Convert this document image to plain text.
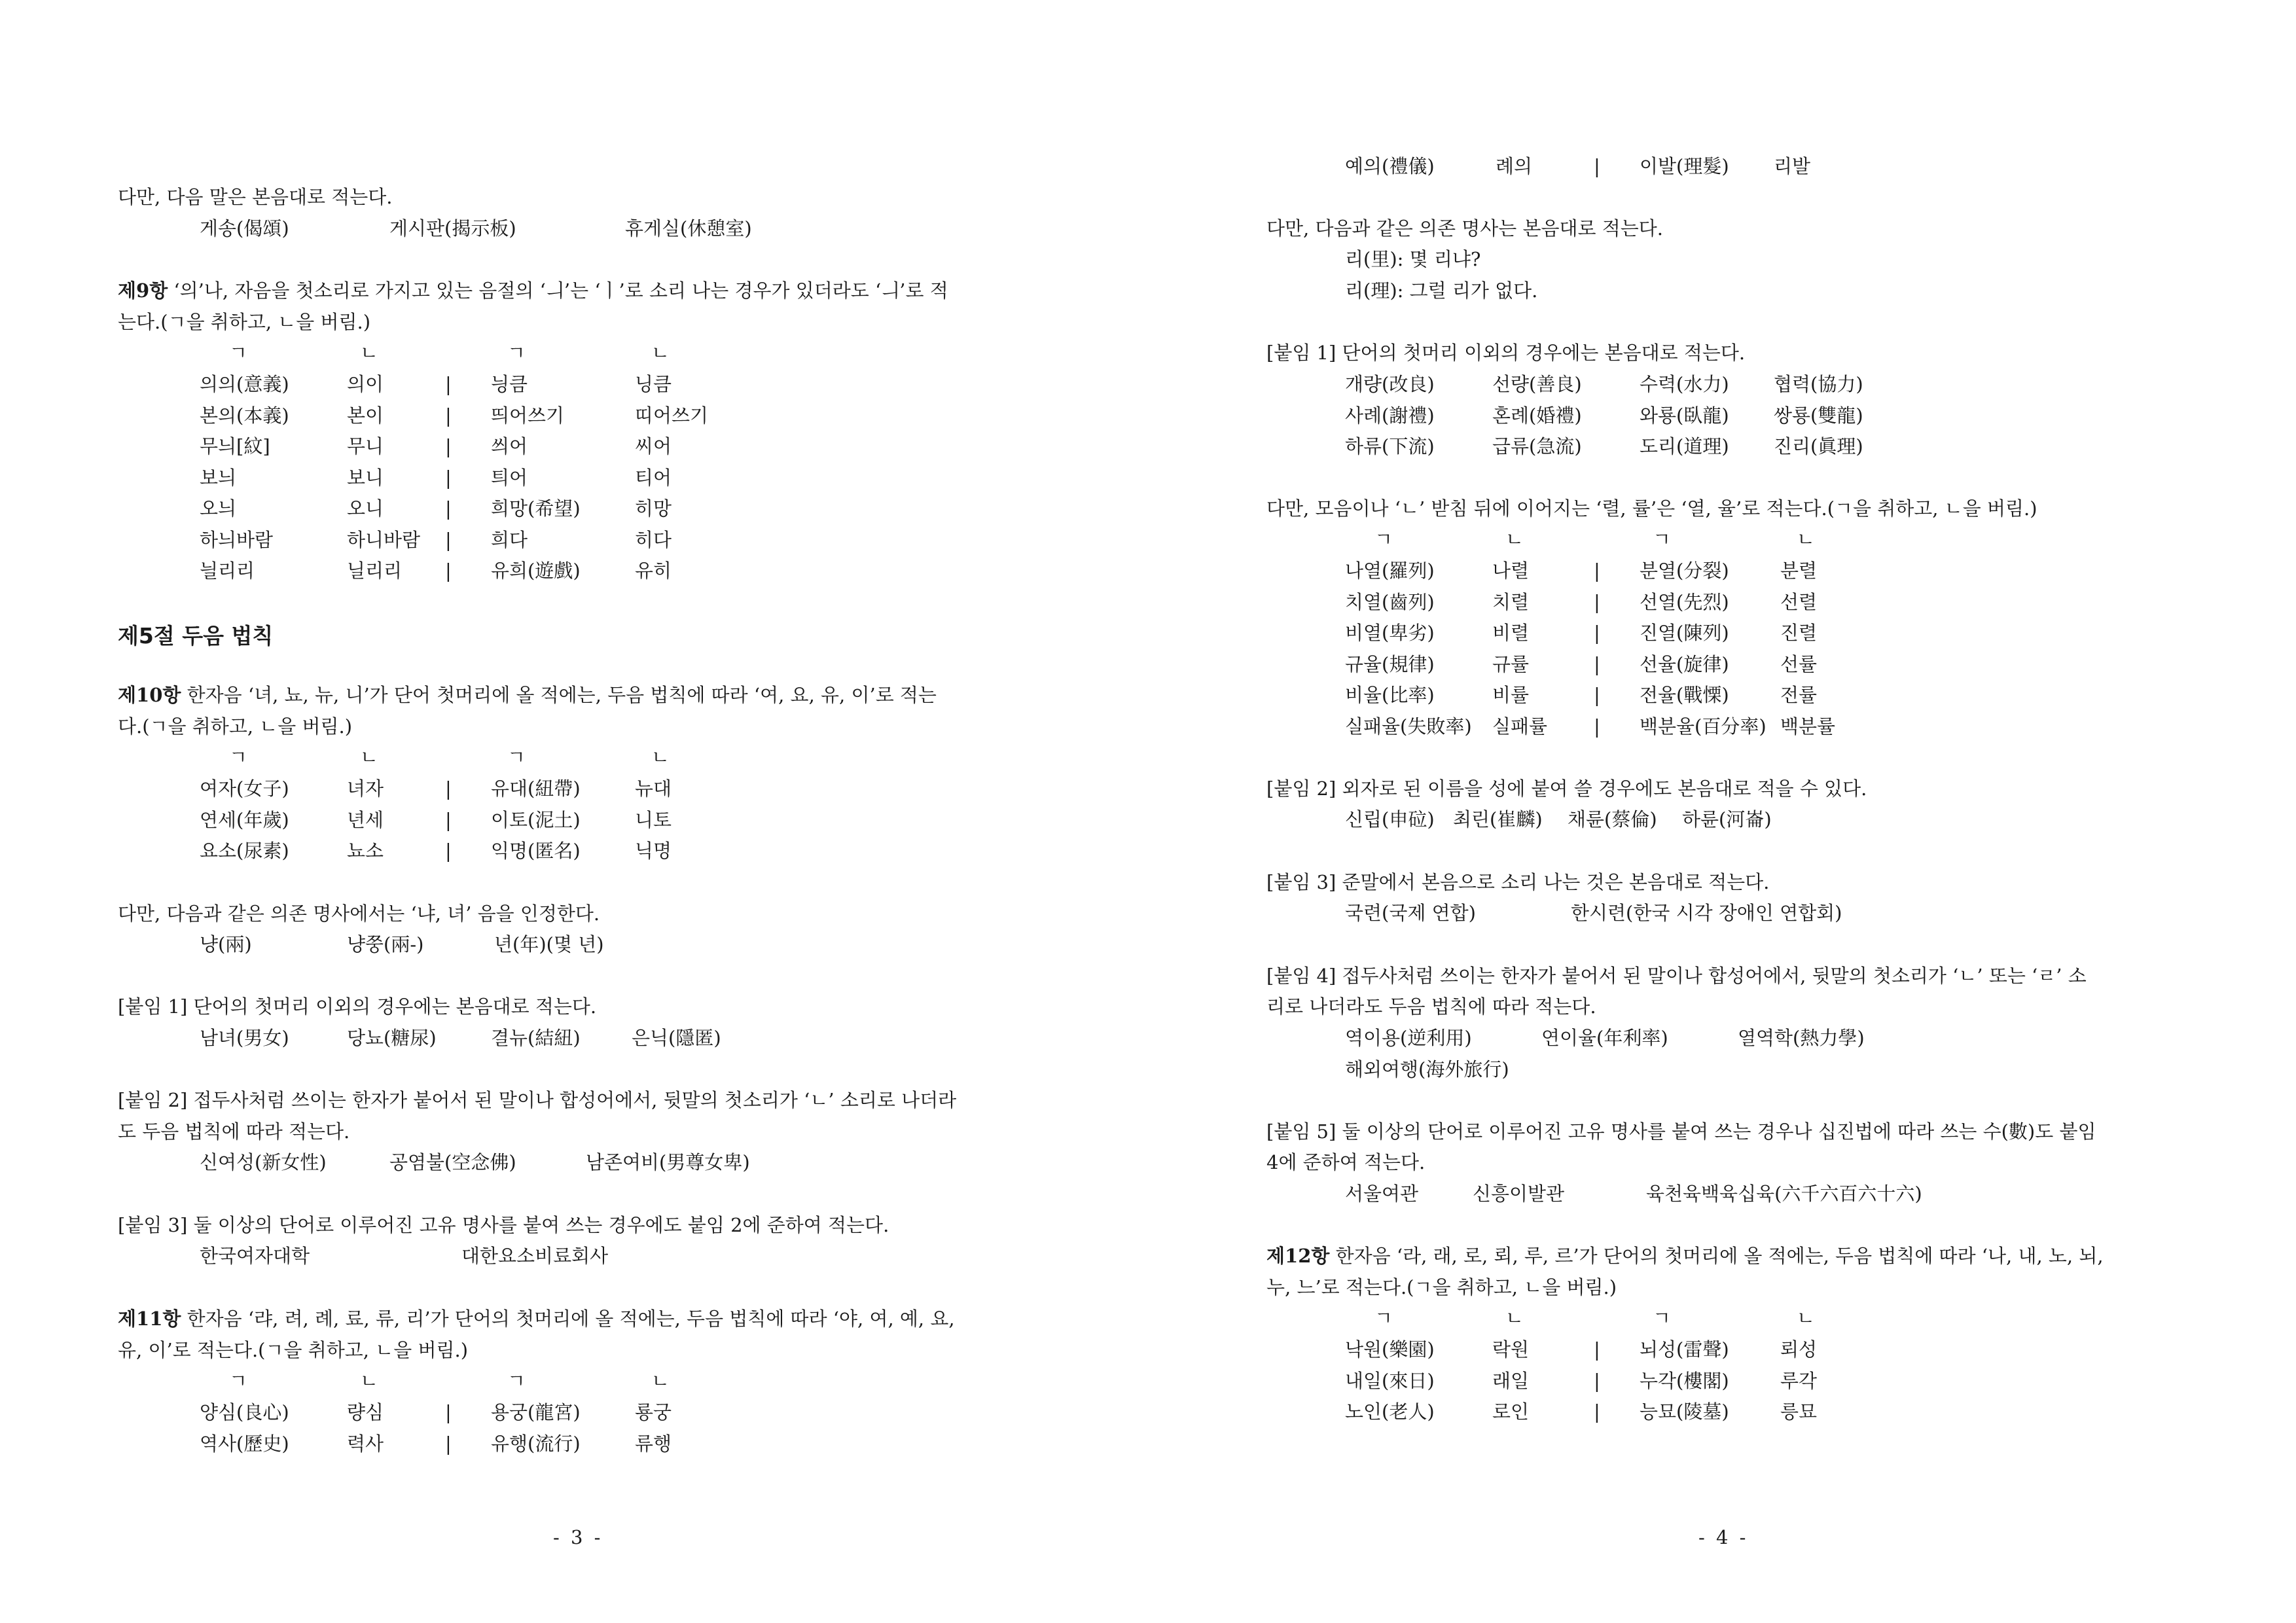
다만, 다음 말은 본음대로 적는다.
게송(偈頌)	게시판(揭示板)	휴게실(休憩室)
제9항 ‘의’나, 자음을 첫소리로 가지고 있는 음절의 ‘ㅢ’는 ‘ㅣ’로 소리 나는 경우가 있더라도 ‘ㅢ’로 적
는다.(ㄱ을 취하고, ㄴ을 버림.)
ㄱ	ㄴ	ㄱ	ㄴ
의의(意義)	의이	| 닁큼	닝큼
본의(本義)	본이	| 띄어쓰기	띠어쓰기
무늬[紋]	무니	| 씌어	씨어
보늬	보니	| 틔어	티어
오늬	오니	| 희망(希望)	히망
하늬바람	하니바람 | 희다	히다
늴리리	닐리리 | 유희(遊戲)	유히
제5절 두음 법칙
제10항 한자음 ‘녀, 뇨, 뉴, 니’가 단어 첫머리에 올 적에는, 두음 법칙에 따라 ‘여, 요, 유, 이’로 적는
다.(ㄱ을 취하고, ㄴ을 버림.)
ㄱ	ㄴ	ㄱ	ㄴ
여자(女子)	녀자	| 유대(紐帶)	뉴대
연세(年歲)	년세	| 이토(泥土)	니토
요소(尿素)	뇨소	| 익명(匿名)	닉명
다만, 다음과 같은 의존 명사에서는 ‘냐, 녀’ 음을 인정한다.
냥(兩)	냥쭝(兩-)	년(年)(몇 년)
[붙임 1] 단어의 첫머리 이외의 경우에는 본음대로 적는다.
남녀(男女)	당뇨(糖尿)	결뉴(結紐)	은닉(隱匿)
[붙임 2] 접두사처럼 쓰이는 한자가 붙어서 된 말이나 합성어에서, 뒷말의 첫소리가 ‘ㄴ’ 소리로 나더라
도 두음 법칙에 따라 적는다.
신여성(新女性)	공염불(空念佛)	남존여비(男尊女卑)
[붙임 3] 둘 이상의 단어로 이루어진 고유 명사를 붙여 쓰는 경우에도 붙임 2에 준하여 적는다.
한국여자대학	대한요소비료회사
제11항 한자음 ‘랴, 려, 례, 료, 류, 리’가 단어의 첫머리에 올 적에는, 두음 법칙에 따라 ‘야, 여, 예, 요,
유, 이’로 적는다.(ㄱ을 취하고, ㄴ을 버림.)
ㄱ	ㄴ	ㄱ	ㄴ
양심(良心)	량심	| 용궁(龍宮)	룡궁
역사(歷史)	력사	| 유행(流行)	류행
- 3 -
예의(禮儀)	례의	| 이발(理髮) 리발
다만, 다음과 같은 의존 명사는 본음대로 적는다.
리(里): 몇 리냐?
리(理): 그럴 리가 없다.
[붙임 1] 단어의 첫머리 이외의 경우에는 본음대로 적는다.
개량(改良)	선량(善良)	수력(水力) 협력(協力)
사례(謝禮)	혼례(婚禮)	와룡(臥龍) 쌍룡(雙龍)
하류(下流)	급류(急流)	도리(道理) 진리(眞理)
다만, 모음이나 ‘ㄴ’ 받침 뒤에 이어지는 ‘렬, 률’은 ‘열, 율’로 적는다.(ㄱ을 취하고, ㄴ을 버림.)
ㄱ	ㄴ	ㄱ	ㄴ
나열(羅列)	나렬	| 분열(分裂)	분렬
치열(齒列)	치렬	| 선열(先烈)	선렬
비열(卑劣)	비렬	| 진열(陳列)	진렬
규율(規律)	규률	| 선율(旋律)	선률
비율(比率)	비률	| 전율(戰慄)	전률
실패율(失敗率) 실패률 | 백분율(百分率) 백분률
[붙임 2] 외자로 된 이름을 성에 붙여 쓸 경우에도 본음대로 적을 수 있다.
신립(申砬) 최린(崔麟) 채륜(蔡倫) 하륜(河崙)
[붙임 3] 준말에서 본음으로 소리 나는 것은 본음대로 적는다.
국련(국제 연합)	한시련(한국 시각 장애인 연합회)
[붙임 4] 접두사처럼 쓰이는 한자가 붙어서 된 말이나 합성어에서, 뒷말의 첫소리가 ‘ㄴ’ 또는 ‘ㄹ’ 소
리로 나더라도 두음 법칙에 따라 적는다.
역이용(逆利用)	연이율(年利率)	열역학(熱力學)
해외여행(海外旅行)
[붙임 5] 둘 이상의 단어로 이루어진 고유 명사를 붙여 쓰는 경우나 십진법에 따라 쓰는 수(數)도 붙임
4에 준하여 적는다.
서울여관	신흥이발관	육천육백육십육(六千六百六十六)
제12항 한자음 ‘라, 래, 로, 뢰, 루, 르’가 단어의 첫머리에 올 적에는, 두음 법칙에 따라 ‘나, 내, 노, 뇌,
누, 느’로 적는다.(ㄱ을 취하고, ㄴ을 버림.)
ㄱ	ㄴ	ㄱ	ㄴ
낙원(樂園)	락원	| 뇌성(雷聲)	뢰성
내일(來日)	래일	| 누각(樓閣)	루각
노인(老人)	로인	| 능묘(陵墓)	릉묘
- 4 -
